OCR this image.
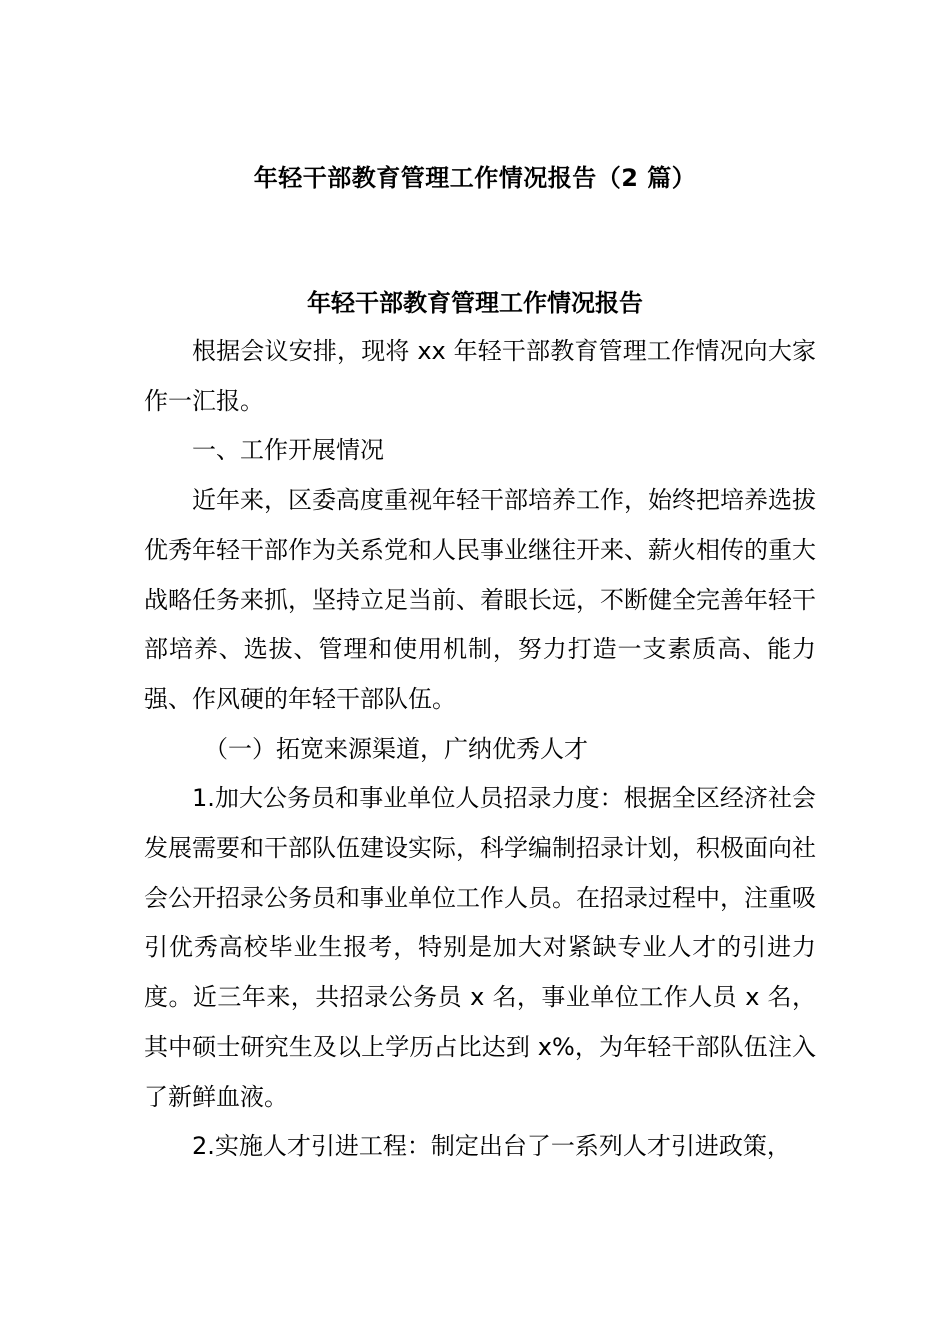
年轻干部教育管理工作情况报告（2 篇）
年轻干部教育管理工作情况报告

根据会议安排，现将 xx 年轻干部教育管理工作情况向大家作一汇报。

一、工作开展情况

近年来，区委高度重视年轻干部培养工作，始终把培养选拔优秀年轻干部作为关系党和人民事业继往开来、薪火相传的重大战略任务来抓，坚持立足当前、着眼长远，不断健全完善年轻干部培养、选拔、管理和使用机制，努力打造一支素质高、能力强、作风硬的年轻干部队伍。

（一）拓宽来源渠道，广纳优秀人才

1.加大公务员和事业单位人员招录力度：根据全区经济社会发展需要和干部队伍建设实际，科学编制招录计划，积极面向社会公开招录公务员和事业单位工作人员。在招录过程中，注重吸引优秀高校毕业生报考，特别是加大对紧缺专业人才的引进力度。近三年来，共招录公务员 x 名，事业单位工作人员 x 名，其中硕士研究生及以上学历占比达到 x%，为年轻干部队伍注入了新鲜血液。

2.实施人才引进工程：制定出台了一系列人才引进政策，
